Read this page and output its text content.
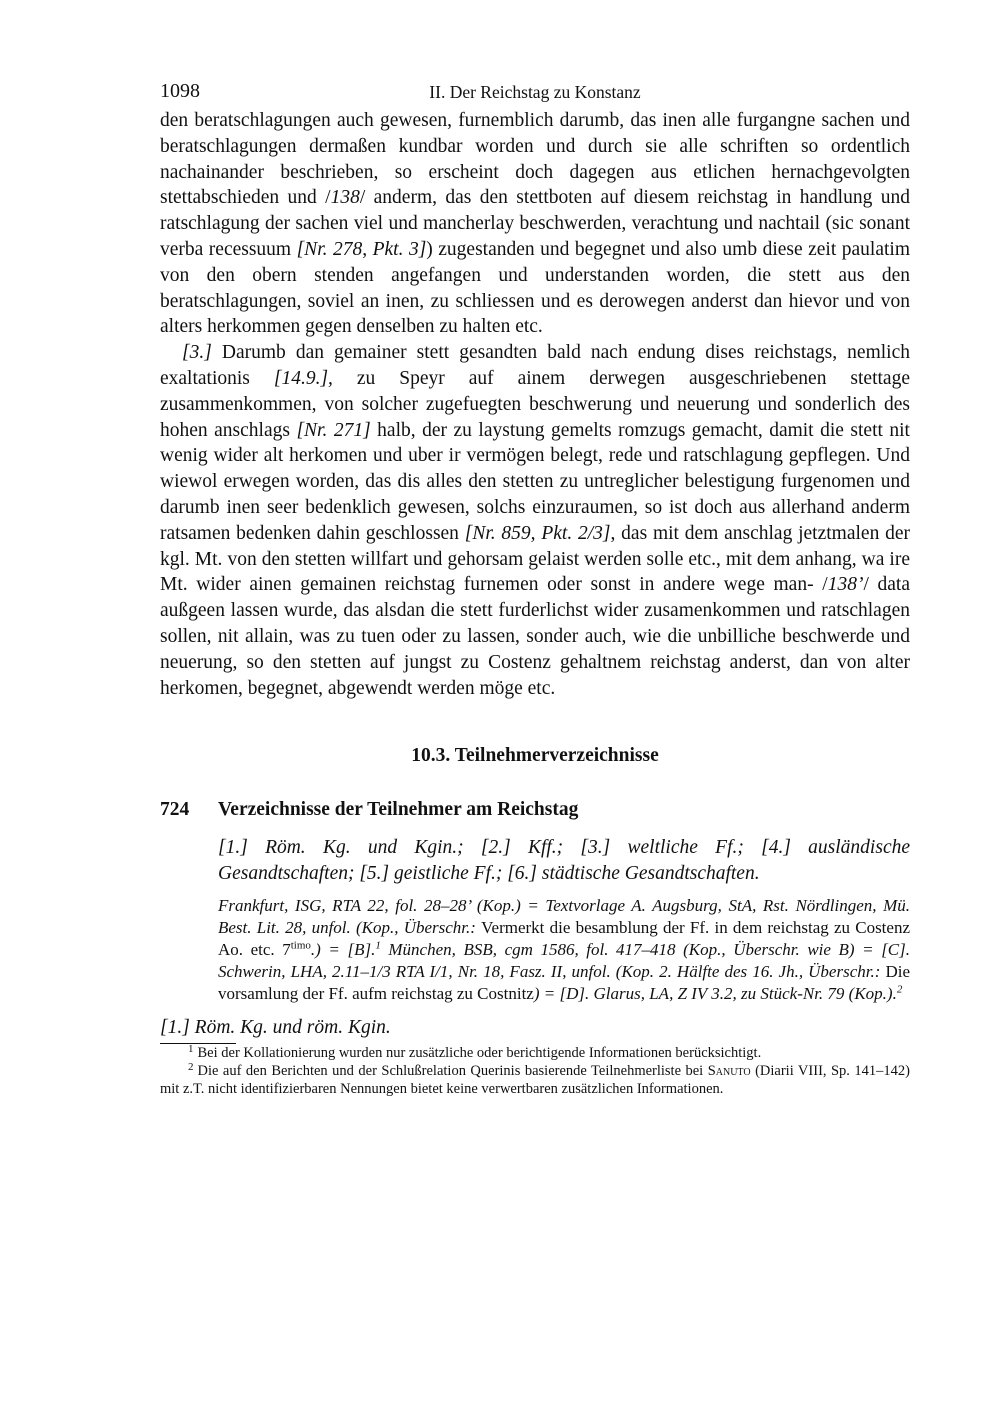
1098	II. Der Reichstag zu Konstanz

den beratschlagungen auch gewesen, furnemblich darumb, das inen alle furgangne sachen und beratschlagungen dermaßen kundbar worden und durch sie alle schriften so ordentlich nachainander beschrieben, so erscheint doch dagegen aus etlichen hernachgevolgten stettabschieden und /138/ anderm, das den stettboten auf diesem reichstag in handlung und ratschlagung der sachen viel und mancherlay beschwerden, verachtung und nachtail (sic sonant verba recessuum [Nr. 278, Pkt. 3]) zugestanden und begegnet und also umb diese zeit paulatim von den obern stenden angefangen und understanden worden, die stett aus den beratschlagungen, soviel an inen, zu schliessen und es derowegen anderst dan hievor und von alters herkommen gegen denselben zu halten etc.

[3.] Darumb dan gemainer stett gesandten bald nach endung dises reichstags, nemlich exaltationis [14.9.], zu Speyr auf ainem derwegen ausgeschriebenen stettage zusammenkommen, von solcher zugefuegten beschwerung und neuerung und sonderlich des hohen anschlags [Nr. 271] halb, der zu laystung gemelts romzugs gemacht, damit die stett nit wenig wider alt herkomen und uber ir vermögen belegt, rede und ratschlagung gepflegen. Und wiewol erwegen worden, das dis alles den stetten zu untreglicher belestigung furgenomen und darumb inen seer bedenklich gewesen, solchs einzuraumen, so ist doch aus allerhand anderm ratsamen bedenken dahin geschlossen [Nr. 859, Pkt. 2/3], das mit dem anschlag jetztmalen der kgl. Mt. von den stetten willfart und gehorsam gelaist werden solle etc., mit dem anhang, wa ire Mt. wider ainen gemainen reichstag furnemen oder sonst in andere wege man- /138’/ data außgeen lassen wurde, das alsdan die stett furderlichst wider zusamenkommen und ratschlagen sollen, nit allain, was zu tuen oder zu lassen, sonder auch, wie die unbilliche beschwerde und neuerung, so den stetten auf jungst zu Costenz gehaltnem reichstag anderst, dan von alter herkomen, begegnet, abgewendt werden möge etc.

10.3. Teilnehmerverzeichnisse
724	Verzeichnisse der Teilnehmer am Reichstag
[1.] Röm. Kg. und Kgin.; [2.] Kff.; [3.] weltliche Ff.; [4.] ausländische Gesandtschaften; [5.] geistliche Ff.; [6.] städtische Gesandtschaften.
Frankfurt, ISG, RTA 22, fol. 28–28’ (Kop.) = Textvorlage A. Augsburg, StA, Rst. Nördlingen, Mü. Best. Lit. 28, unfol. (Kop., Überschr.: Vermerkt die besamblung der Ff. in dem reichstag zu Costenz Ao. etc. $7^{timo}.) = [B].^1$ München, BSB, cgm 1586, fol. 417–418 (Kop., Überschr. wie B) = [C]. Schwerin, LHA, 2.11–1/3 RTA I/1, Nr. 18, Fasz. II, unfol. (Kop. 2. Hälfte des 16. Jh., Überschr.: Die vorsamlung der Ff. aufm reichstag zu Costnitz) = [D]. Glarus, LA, Z IV 3.2, zu Stück-Nr. 79 (Kop.).$^2$
[1.] Röm. Kg. und röm. Kgin.

$^1$ Bei der Kollationierung wurden nur zusätzliche oder berichtigende Informationen berücksichtigt.

$^2$ Die auf den Berichten und der Schlußrelation Querinis basierende Teilnehmerliste bei Sanuto (Diarii VIII, Sp. 141–142) mit z.T. nicht identifizierbaren Nennungen bietet keine verwertbaren zusätzlichen Informationen.
